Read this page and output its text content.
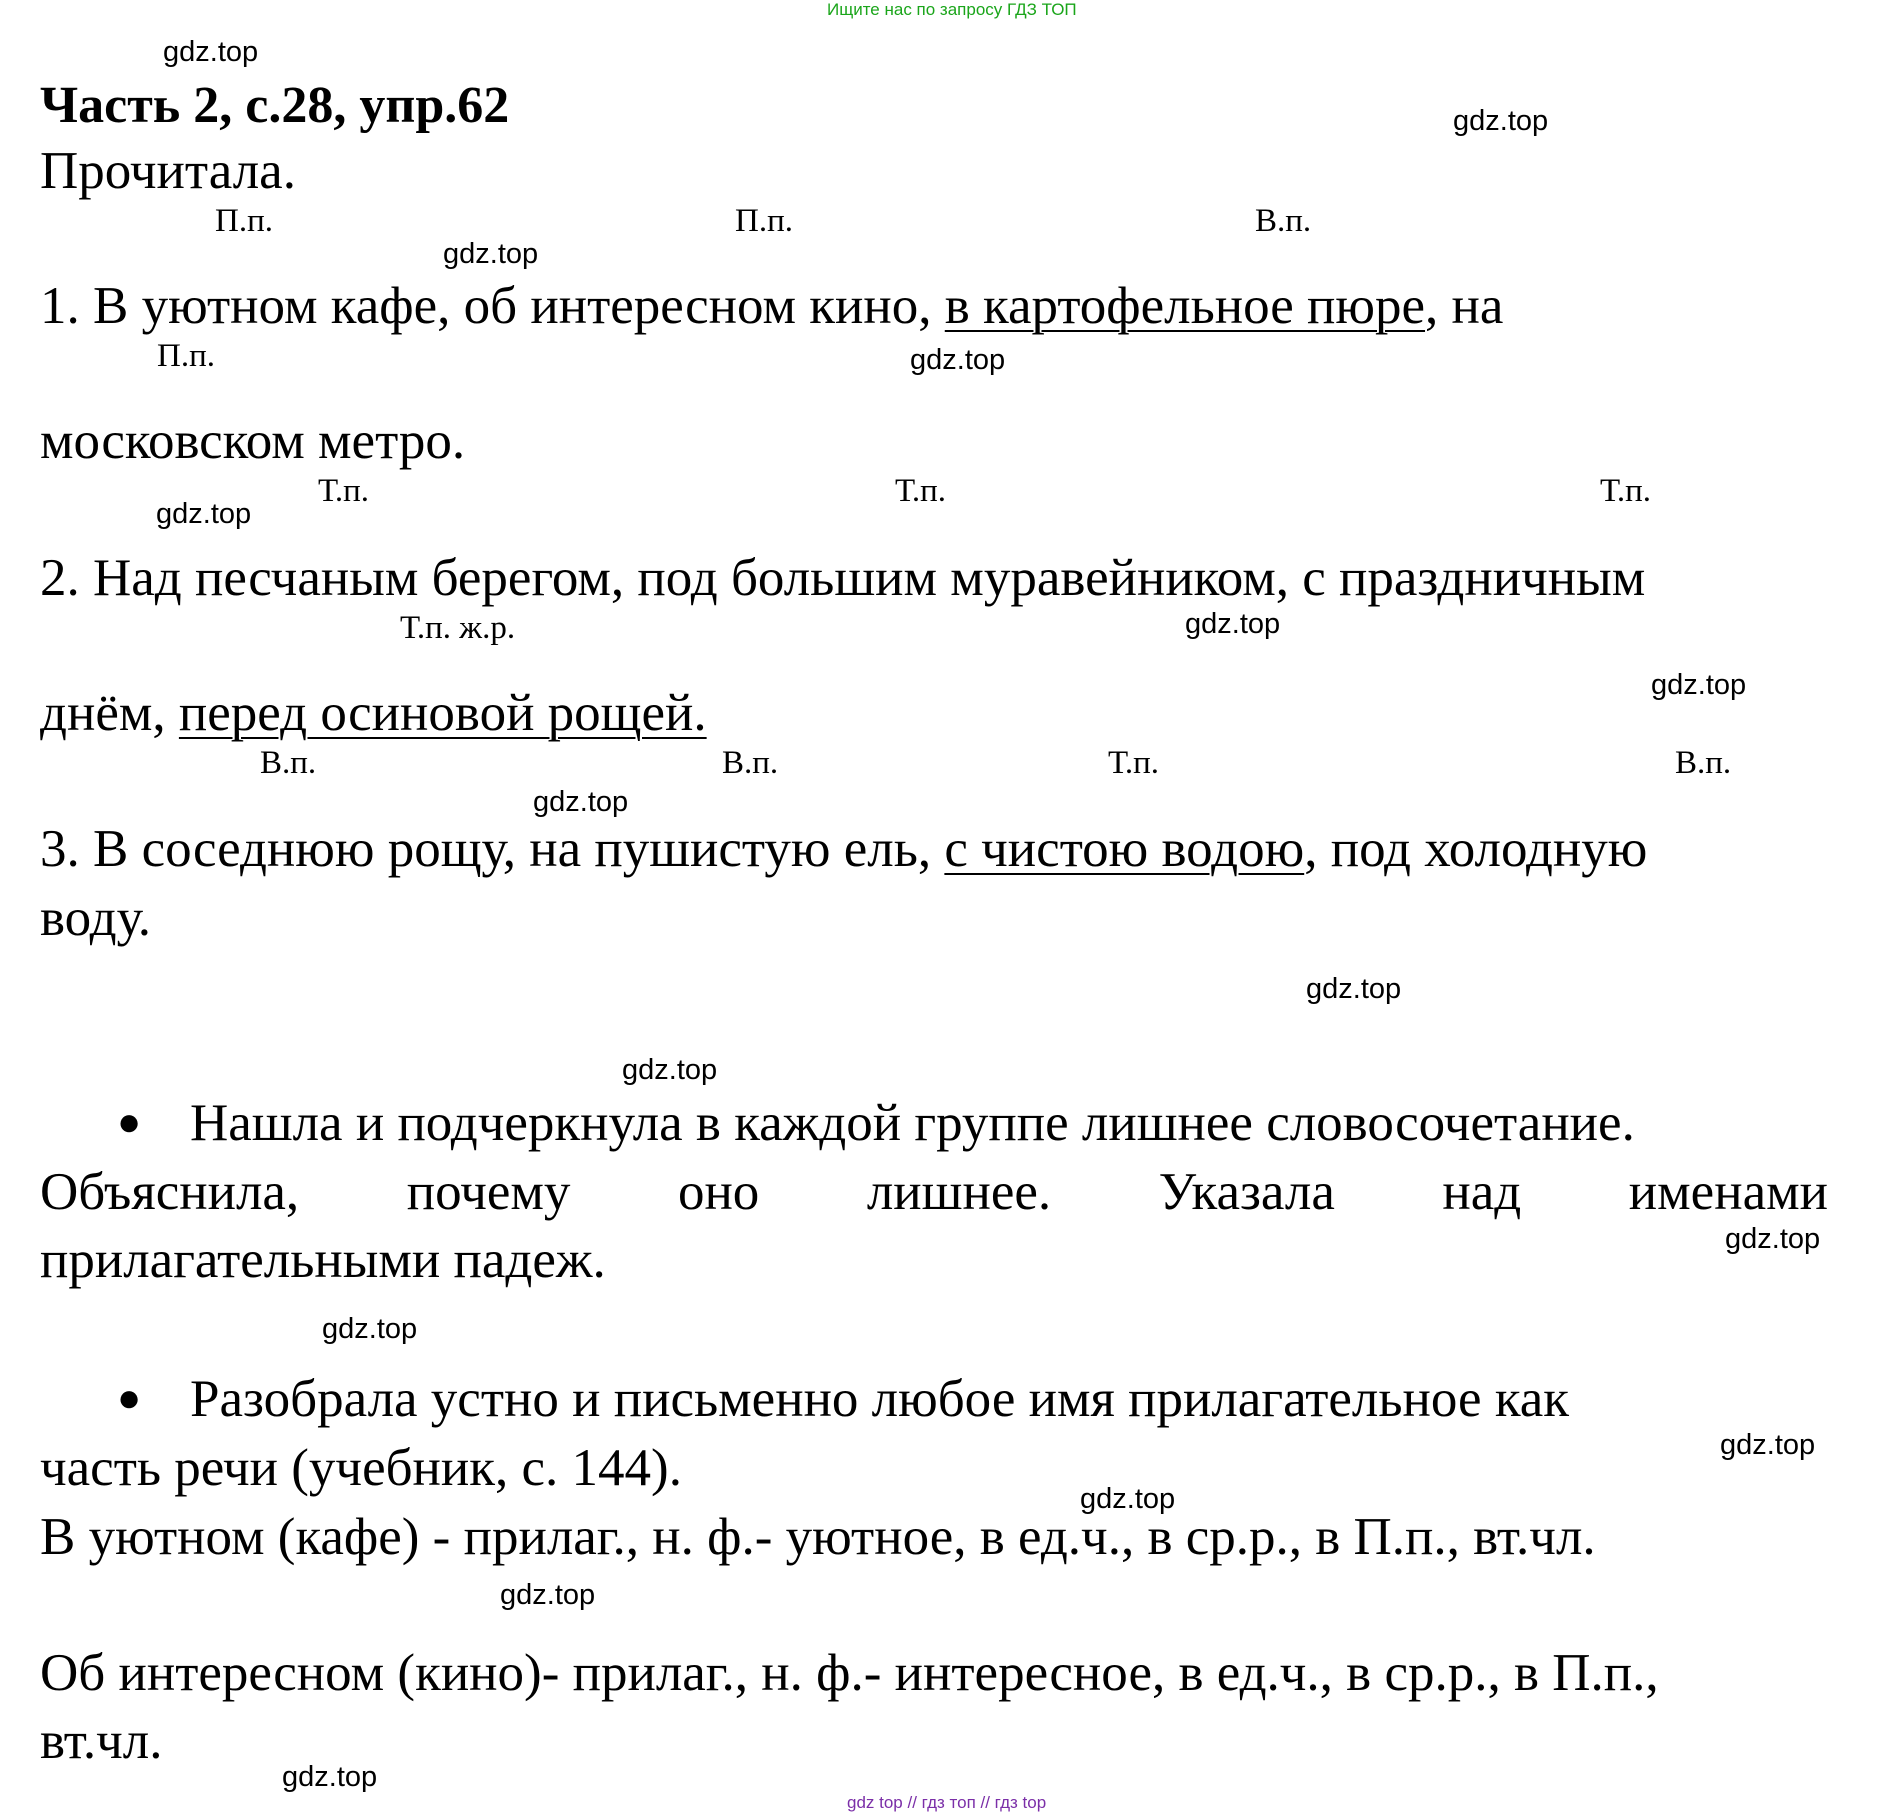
Ищите нас по запросу ГДЗ ТОП
Часть 2, с.28, упр.62
Прочитала.
П.п.	П.п.	В.п.
1. В уютном кафе, об интересном кино, в картофельное пюре, на
П.п.
московском метро.
Т.п.	Т.п.	Т.п.
2. Над песчаным берегом, под большим муравейником, с праздничным
Т.п. ж.р.
днём, перед осиновой рощей.
В.п.	В.п.	Т.п.	В.п.
3. В соседнюю рощу, на пушистую ель, с чистою водою, под холодную
воду.
● Нашла и подчеркнула в каждой группе лишнее словосочетание.
Объяснила, почему оно лишнее. Указала над именами
прилагательными падеж.
● Разобрала устно и письменно любое имя прилагательное как
часть речи (учебник, с. 144).
В уютном (кафе) - прилаг., н. ф.- уютное, в ед.ч., в ср.р., в П.п., вт.чл.
Об интересном (кино)- прилаг., н. ф.- интересное, в ед.ч., в ср.р., в П.п.,
вт.чл.
gdz.top
gdz.top
gdz.top
gdz.top
gdz.top
gdz.top
gdz.top
gdz.top
gdz.top
gdz.top
gdz.top
gdz.top
gdz.top
gdz.top
gdz.top
gdz.top
gdz top // гдз топ // гдз top
